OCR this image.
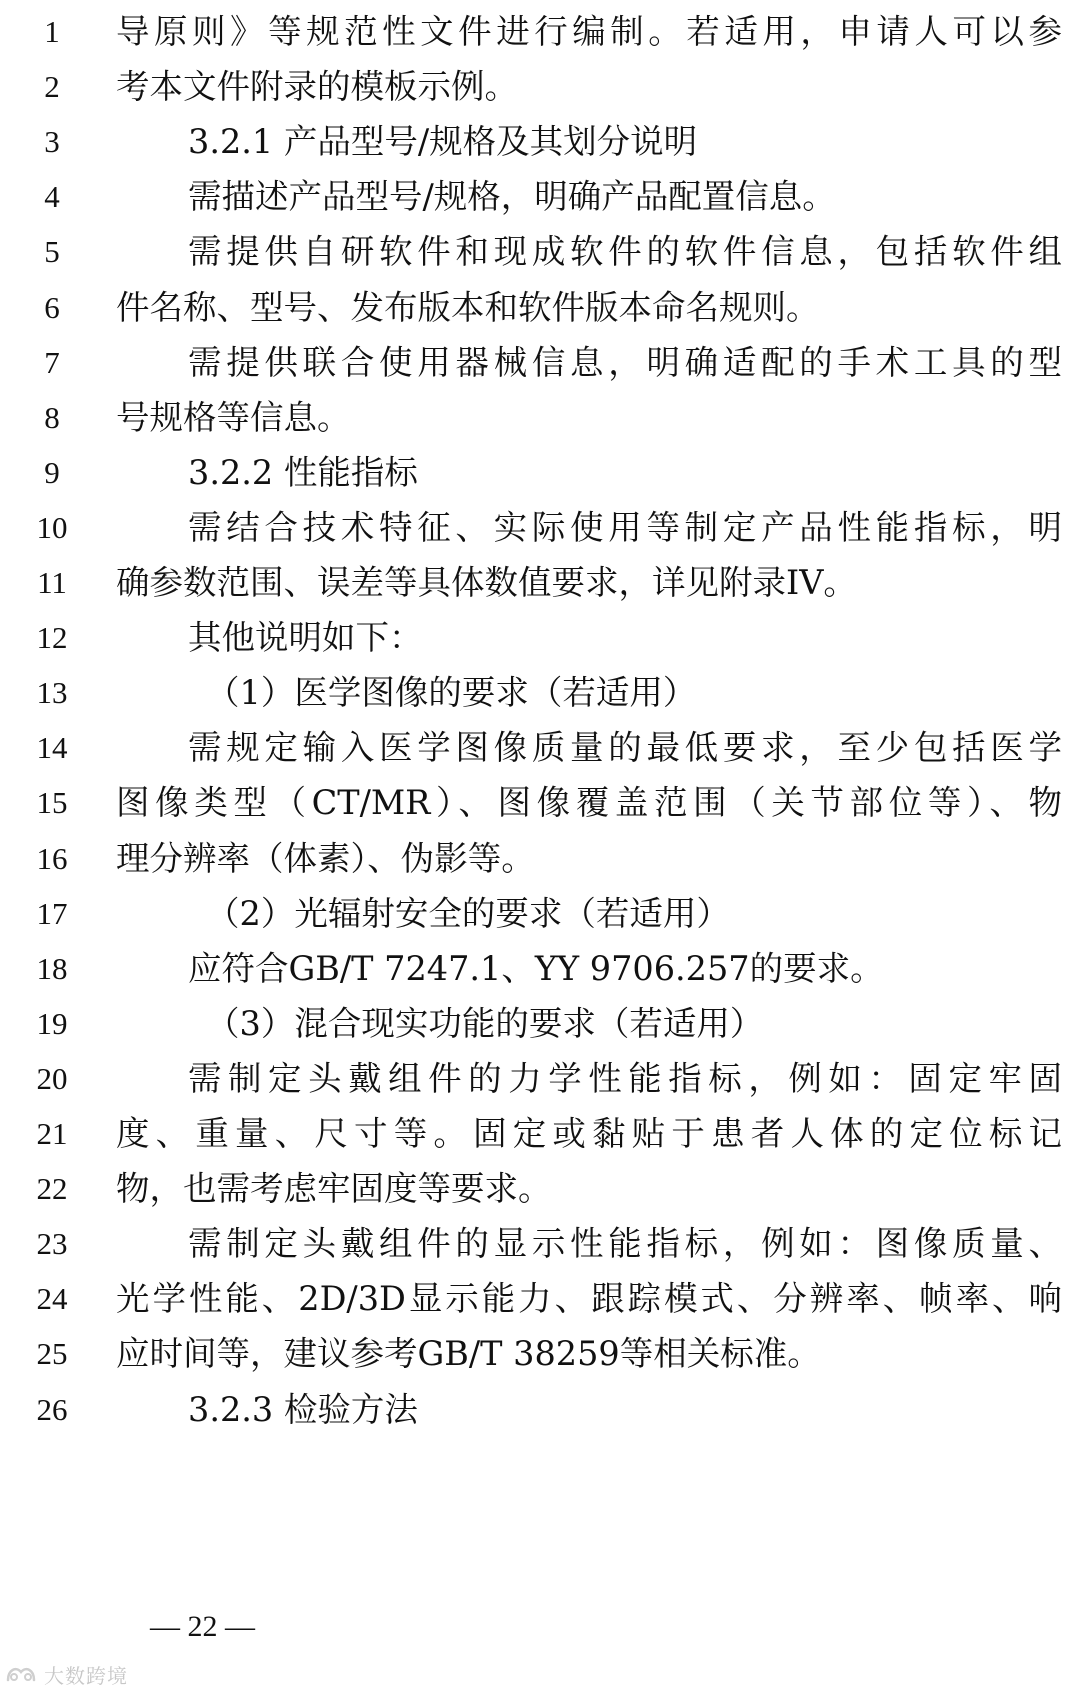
1	导原则》等规范性文件进行编制。若适用，申请人可以参
2	考本文件附录的模板示例。
3	3.2.1 产品型号/规格及其划分说明
4	需描述产品型号/规格，明确产品配置信息。
5	需提供自研软件和现成软件的软件信息，包括软件组
6	件名称、型号、发布版本和软件版本命名规则。
7	需提供联合使用器械信息，明确适配的手术工具的型
8	号规格等信息。
9	3.2.2 性能指标
10	需结合技术特征、实际使用等制定产品性能指标，明
11	确参数范围、误差等具体数值要求，详见附录IV。
12	其他说明如下：
13	（1）医学图像的要求（若适用）
14	需规定输入医学图像质量的最低要求，至少包括医学
15	图像类型（CT/MR）、图像覆盖范围（关节部位等）、物
16	理分辨率（体素）、伪影等。
17	（2）光辐射安全的要求（若适用）
18	应符合GB/T 7247.1、YY 9706.257的要求。
19	（3）混合现实功能的要求（若适用）
20	需制定头戴组件的力学性能指标，例如：固定牢固
21	度、重量、尺寸等。固定或黏贴于患者人体的定位标记
22	物，也需考虑牢固度等要求。
23	需制定头戴组件的显示性能指标，例如：图像质量、
24	光学性能、2D/3D显示能力、跟踪模式、分辨率、帧率、响
25	应时间等，建议参考GB/T 38259等相关标准。
26	3.2.3 检验方法
— 22 —
大数跨境
